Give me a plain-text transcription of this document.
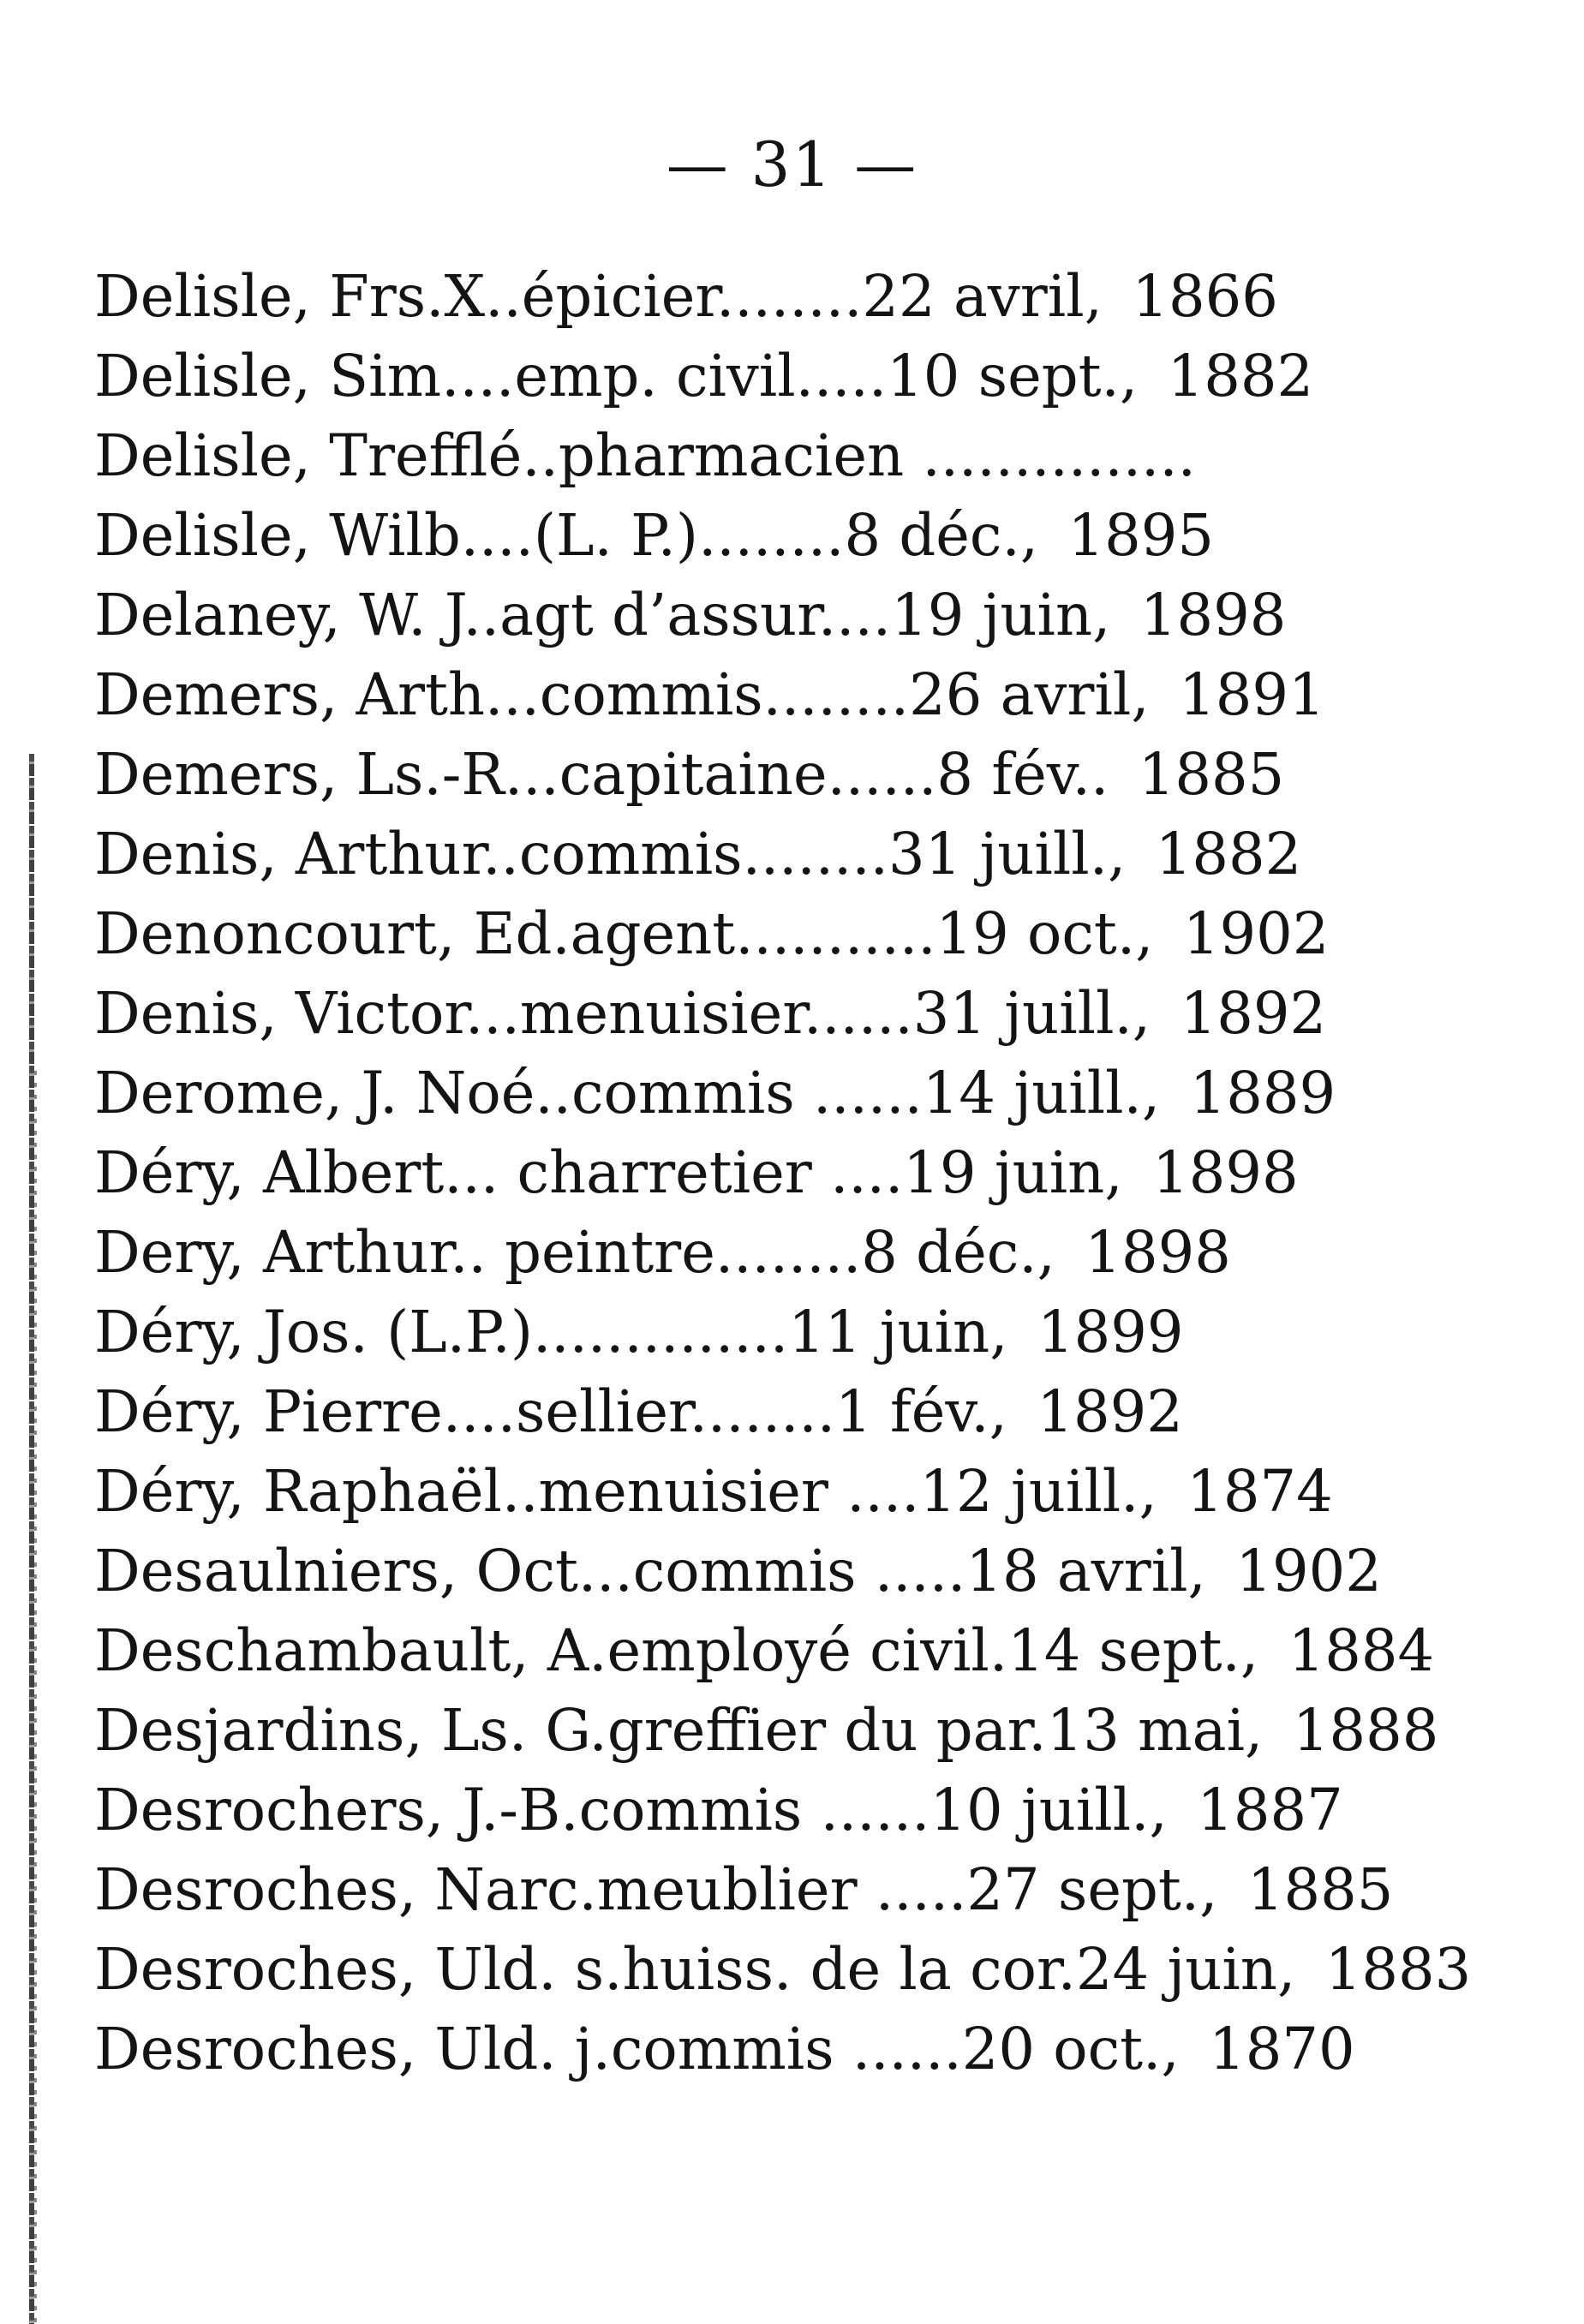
— 31 —
Delisle, Frs.X..épicier........ 22 avril, 1866
Delisle, Sim....emp. civil..... 10 sept., 1882
Delisle, Trefflé..pharmacien ...............
Delisle, Wilb....(L. P.)........ 8 déc., 1895
Delaney, W. J..agt d’assur.... 19 juin, 1898
Demers, Arth...commis........ 26 avril, 1891
Demers, Ls.-R...capitaine...... 8 fév.. 1885
Denis, Arthur..commis........ 31 juill., 1882
Denoncourt, Ed.agent........... 19 oct., 1902
Denis, Victor...menuisier...... 31 juill., 1892
Derome, J. Noé..commis ...... 14 juill., 1889
Déry, Albert... charretier .... 19 juin, 1898
Dery, Arthur.. peintre........ 8 déc., 1898
Déry, Jos. (L.P.).............. 11 juin, 1899
Déry, Pierre....sellier........ 1 fév., 1892
Déry, Raphaël..menuisier .... 12 juill., 1874
Desaulniers, Oct...commis ..... 18 avril, 1902
Deschambault, A.employé civil. 14 sept., 1884
Desjardins, Ls. G.greffier du par. 13 mai, 1888
Desrochers, J.-B.commis ...... 10 juill., 1887
Desroches, Narc.meublier ..... 27 sept., 1885
Desroches, Uld. s.huiss. de la cor. 24 juin, 1883
Desroches, Uld. j.commis ...... 20 oct., 1870
